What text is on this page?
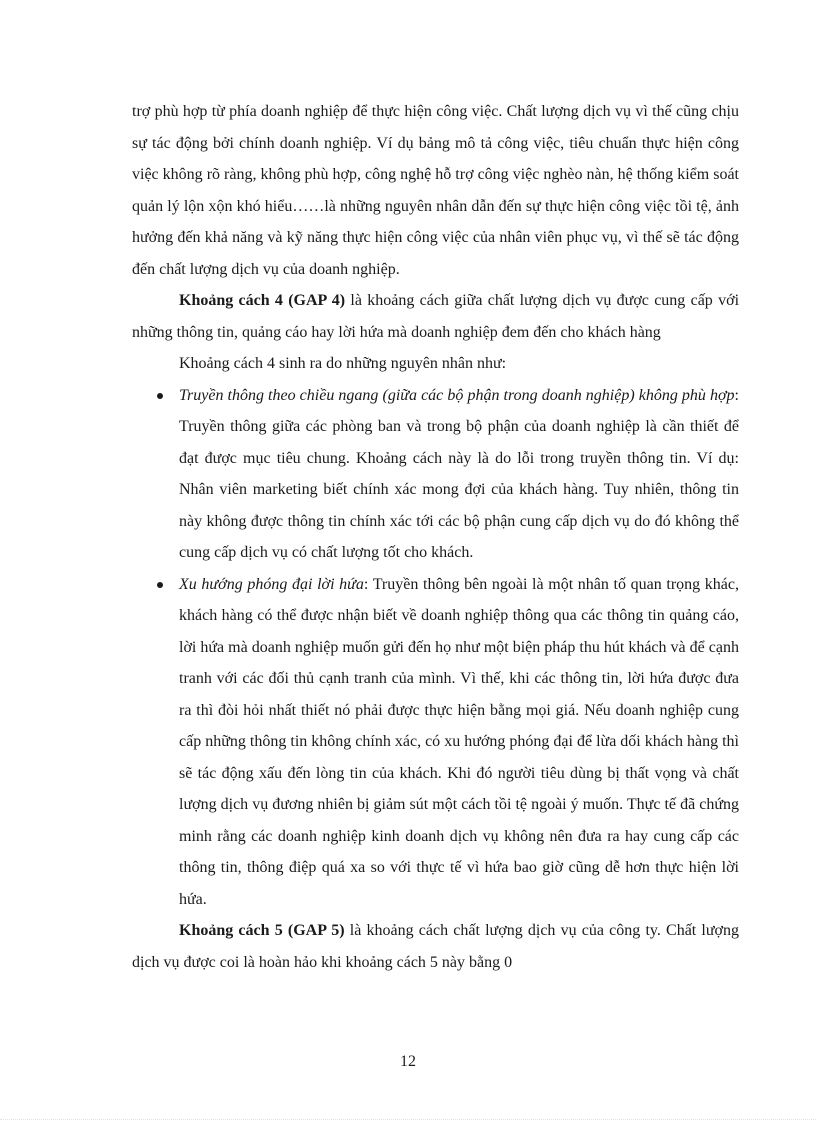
trợ phù hợp từ phía doanh nghiệp để thực hiện công việc. Chất lượng dịch vụ vì thế cũng chịu sự tác động bởi chính doanh nghiệp. Ví dụ bảng mô tả công việc, tiêu chuẩn thực hiện công việc không rõ ràng, không phù hợp, công nghệ hỗ trợ công việc nghèo nàn, hệ thống kiểm soát quản lý lộn xộn khó hiểu……là những nguyên nhân dẫn đến sự thực hiện công việc tồi tệ, ảnh hưởng đến khả năng và kỹ năng thực hiện công việc của nhân viên phục vụ, vì thế sẽ tác động đến chất lượng dịch vụ của doanh nghiệp.

Khoảng cách 4 (GAP 4) là khoảng cách giữa chất lượng dịch vụ được cung cấp với những thông tin, quảng cáo hay lời hứa mà doanh nghiệp đem đến cho khách hàng

Khoảng cách 4 sinh ra do những nguyên nhân như:

Truyền thông theo chiều ngang (giữa các bộ phận trong doanh nghiệp) không phù hợp: Truyền thông giữa các phòng ban và trong bộ phận của doanh nghiệp là cần thiết để đạt được mục tiêu chung. Khoảng cách này là do lỗi trong truyền thông tin. Ví dụ: Nhân viên marketing biết chính xác mong đợi của khách hàng. Tuy nhiên, thông tin này không được thông tin chính xác tới các bộ phận cung cấp dịch vụ do đó không thể cung cấp dịch vụ có chất lượng tốt cho khách.
Xu hướng phóng đại lời hứa: Truyền thông bên ngoài là một nhân tố quan trọng khác, khách hàng có thể được nhận biết về doanh nghiệp thông qua các thông tin quảng cáo, lời hứa mà doanh nghiệp muốn gửi đến họ như một biện pháp thu hút khách và để cạnh tranh với các đối thủ cạnh tranh của mình. Vì thế, khi các thông tin, lời hứa được đưa ra thì đòi hỏi nhất thiết nó phải được thực hiện bằng mọi giá. Nếu doanh nghiệp cung cấp những thông tin không chính xác, có xu hướng phóng đại để lừa dối khách hàng thì sẽ tác động xấu đến lòng tin của khách. Khi đó người tiêu dùng bị thất vọng và chất lượng dịch vụ đương nhiên bị giảm sút một cách tồi tệ ngoài ý muốn. Thực tế đã chứng minh rằng các doanh nghiệp kinh doanh dịch vụ không nên đưa ra hay cung cấp các thông tin, thông điệp quá xa so với thực tế vì hứa bao giờ cũng dễ hơn thực hiện lời hứa.

Khoảng cách 5 (GAP 5) là khoảng cách chất lượng dịch vụ của công ty. Chất lượng dịch vụ được coi là hoàn hảo khi khoảng cách 5 này bằng 0

12
